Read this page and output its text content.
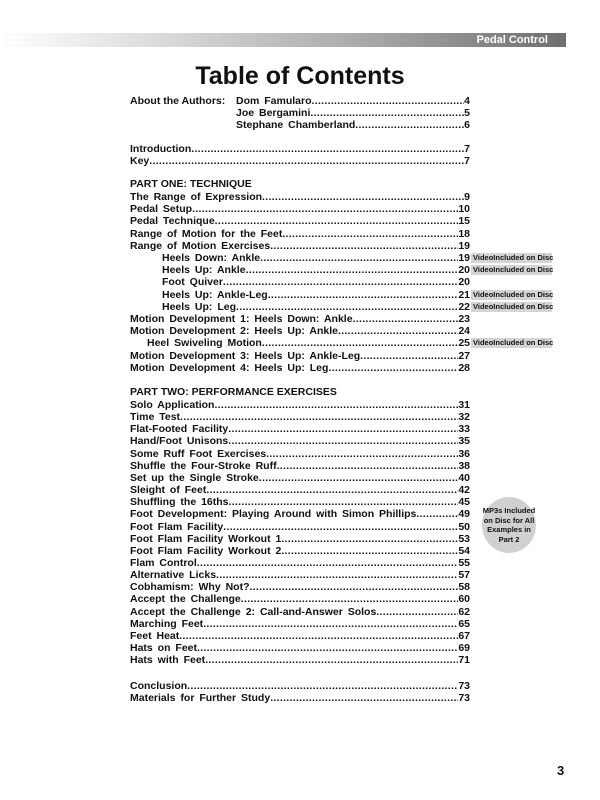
Pedal Control
Table of Contents
About the Authors:
PART ONE: TECHNIQUE
PART TWO: PERFORMANCE EXERCISES
Dom Famularo .....	4
Joe Bergamini .....	5
Stephane Chamberland .....	6
Introduction .....	7
Key .....	7
The Range of Expression .....	9
Pedal Setup .....	10
Pedal Technique .....	15
Range of Motion for the Feet .....	18
Range of Motion Exercises .....	19
Heels Down: Ankle .....	19 VideoIncluded on Disc
Heels Up: Ankle .....	20 VideoIncluded on Disc
Foot Quiver .....	20
Heels Up: Ankle-Leg .....	21 VideoIncluded on Disc
Heels Up: Leg .....	22 VideoIncluded on Disc
Motion Development 1: Heels Down: Ankle .....	23
Motion Development 2: Heels Up: Ankle .....	24
Heel Swiveling Motion .....	25 VideoIncluded on Disc
Motion Development 3: Heels Up: Ankle-Leg .....	27
Motion Development 4: Heels Up: Leg .....	28
Solo Application .....	31
Time Test .....	32
Flat-Footed Facility .....	33
Hand/Foot Unisons .....	35
Some Ruff Foot Exercises .....	36
Shuffle the Four-Stroke Ruff .....	38
Set up the Single Stroke .....	40
Sleight of Feet .....	42
Shuffling the 16ths .....	45
Foot Development: Playing Around with Simon Phillips .....	49
Foot Flam Facility .....	50
Foot Flam Facility Workout 1 .....	53
Foot Flam Facility Workout 2 .....	54
Flam Control .....	55
Alternative Licks .....	57
Cobhamism: Why Not? .....	58
Accept the Challenge .....	60
Accept the Challenge 2: Call-and-Answer Solos .....	62
Marching Feet .....	65
Feet Heat .....	67
Hats on Feet .....	69
Hats with Feet .....	71
Conclusion .....	73
Materials for Further Study .....	73
MP3s Included on Disc for All Examples in Part 2
3
